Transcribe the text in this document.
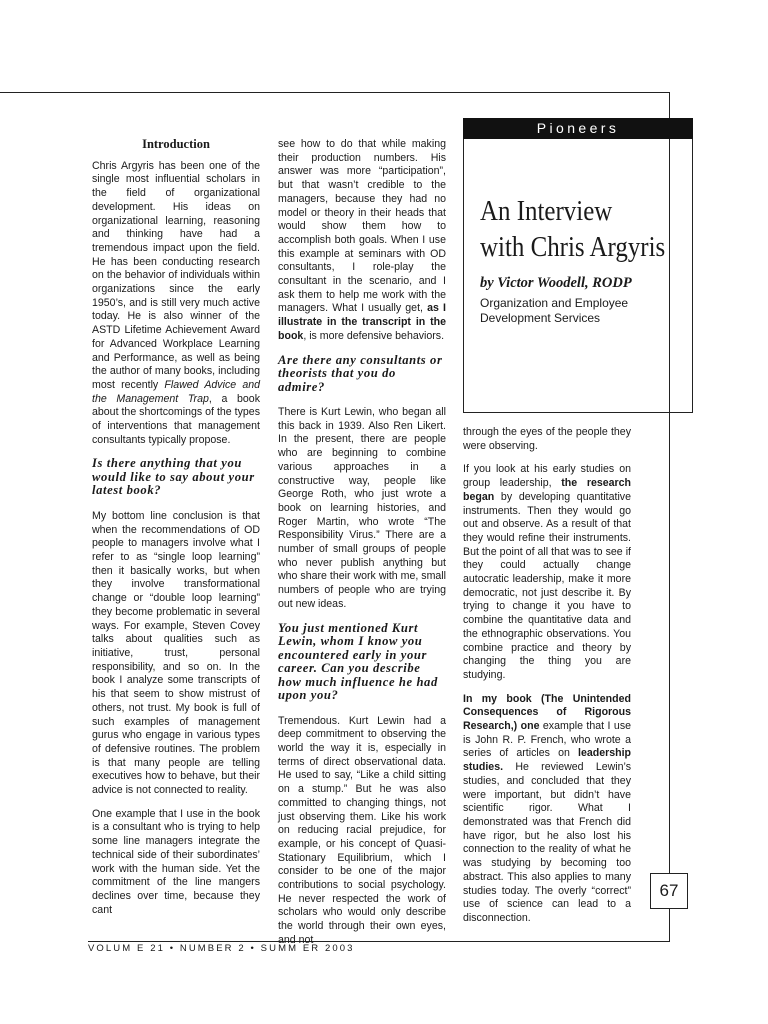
Pioneers
An Interview
with Chris Argyris
by Victor Woodell, RODP
Organization and Employee Development Services
Introduction

Chris Argyris has been one of the single most influential scholars in the field of organizational development. His ideas on organizational learning, reasoning and thinking have had a tremendous impact upon the field. He has been conducting research on the behavior of individuals within organizations since the early 1950’s, and is still very much active today. He is also winner of the ASTD Lifetime Achievement Award for Advanced Workplace Learning and Performance, as well as being the author of many books, including most recently Flawed Advice and the Management Trap, a book about the shortcomings of the types of interventions that management consultants typically propose.

Is there anything that you would like to say about your latest book?

My bottom line conclusion is that when the recommendations of OD people to managers involve what I refer to as “single loop learning” then it basically works, but when they involve transformational change or “double loop learning” they become problematic in several ways. For example, Steven Covey talks about qualities such as initiative, trust, personal responsibility, and so on. In the book I analyze some transcripts of his that seem to show mistrust of others, not trust. My book is full of such examples of management gurus who engage in various types of defensive routines. The problem is that many people are telling executives how to behave, but their advice is not connected to reality.

One example that I use in the book is a consultant who is trying to help some line managers integrate the technical side of their subordinates’ work with the human side. Yet the commitment of the line mangers declines over time, because they cant

see how to do that while making their production numbers. His answer was more “participation”, but that wasn’t credible to the managers, because they had no model or theory in their heads that would show them how to accomplish both goals. When I use this example at seminars with OD consultants, I role-play the consultant in the scenario, and I ask them to help me work with the managers. What I usually get, as I illustrate in the transcript in the book, is more defensive behaviors.

Are there any consultants or theorists that you do admire?

There is Kurt Lewin, who began all this back in 1939. Also Ren Likert. In the present, there are people who are beginning to combine various approaches in a constructive way, people like George Roth, who just wrote a book on learning histories, and Roger Martin, who wrote “The Responsibility Virus.” There are a number of small groups of people who never publish anything but who share their work with me, small numbers of people who are trying out new ideas.

You just mentioned Kurt Lewin, whom I know you encountered early in your career. Can you describe how much influence he had upon you?

Tremendous. Kurt Lewin had a deep commitment to observing the world the way it is, especially in terms of direct observational data. He used to say, “Like a child sitting on a stump.” But he was also committed to changing things, not just observing them. Like his work on reducing racial prejudice, for example, or his concept of Quasi-Stationary Equilibrium, which I consider to be one of the major contributions to social psychology. He never respected the work of scholars who would only describe the world through their own eyes, and not

through the eyes of the people they were observing.

If you look at his early studies on group leadership, the research began by developing quantitative instruments. Then they would go out and observe. As a result of that they would refine their instruments. But the point of all that was to see if they could actually change autocratic leadership, make it more democratic, not just describe it. By trying to change it you have to combine the quantitative data and the ethnographic observations. You combine practice and theory by changing the thing you are studying.

In my book (The Unintended Consequences of Rigorous Research,) one example that I use is John R. P. French, who wrote a series of articles on leadership studies. He reviewed Lewin’s studies, and concluded that they were important, but didn’t have scientific rigor. What I demonstrated was that French did have rigor, but he also lost his connection to the reality of what he was studying by becoming too abstract. This also applies to many studies today. The overly “correct” use of science can lead to a disconnection.

67
VOLUM E 21 • NUMBER 2 • SUMM ER 2003
